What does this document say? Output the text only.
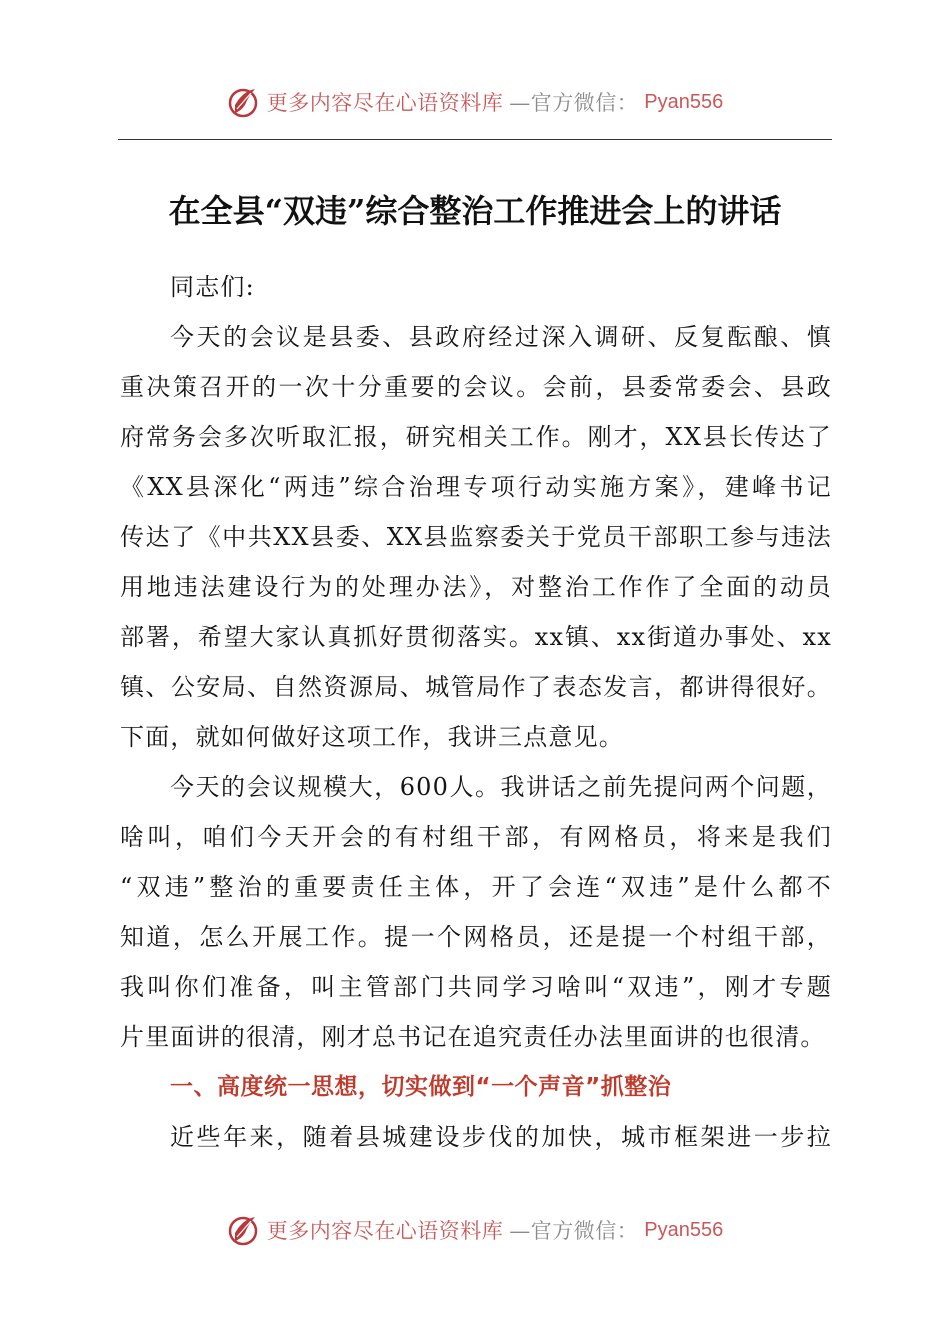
更多内容尽在心语资料库 —官方微信： Pyan556
在全县“双违”综合整治工作推进会上的讲话
同志们:
今天的会议是县委、县政府经过深入调研、反复酝酿、慎
重决策召开的一次十分重要的会议。会前，县委常委会、县政
府常务会多次听取汇报，研究相关工作。刚才，XX县长传达了
《XX县深化“两违”综合治理专项行动实施方案》，建峰书记
传达了《中共XX县委、XX县监察委关于党员干部职工参与违法
用地违法建设行为的处理办法》，对整治工作作了全面的动员
部署，希望大家认真抓好贯彻落实。xx镇、xx街道办事处、xx
镇、公安局、自然资源局、城管局作了表态发言，都讲得很好。
下面，就如何做好这项工作，我讲三点意见。
今天的会议规模大，600人。我讲话之前先提问两个问题，
啥叫，咱们今天开会的有村组干部，有网格员，将来是我们
“双违”整治的重要责任主体，开了会连“双违”是什么都不
知道，怎么开展工作。提一个网格员，还是提一个村组干部，
我叫你们准备，叫主管部门共同学习啥叫“双违”，刚才专题
片里面讲的很清，刚才总书记在追究责任办法里面讲的也很清。
一、高度统一思想，切实做到“一个声音”抓整治
近些年来，随着县城建设步伐的加快，城市框架进一步拉
更多内容尽在心语资料库 —官方微信： Pyan556
